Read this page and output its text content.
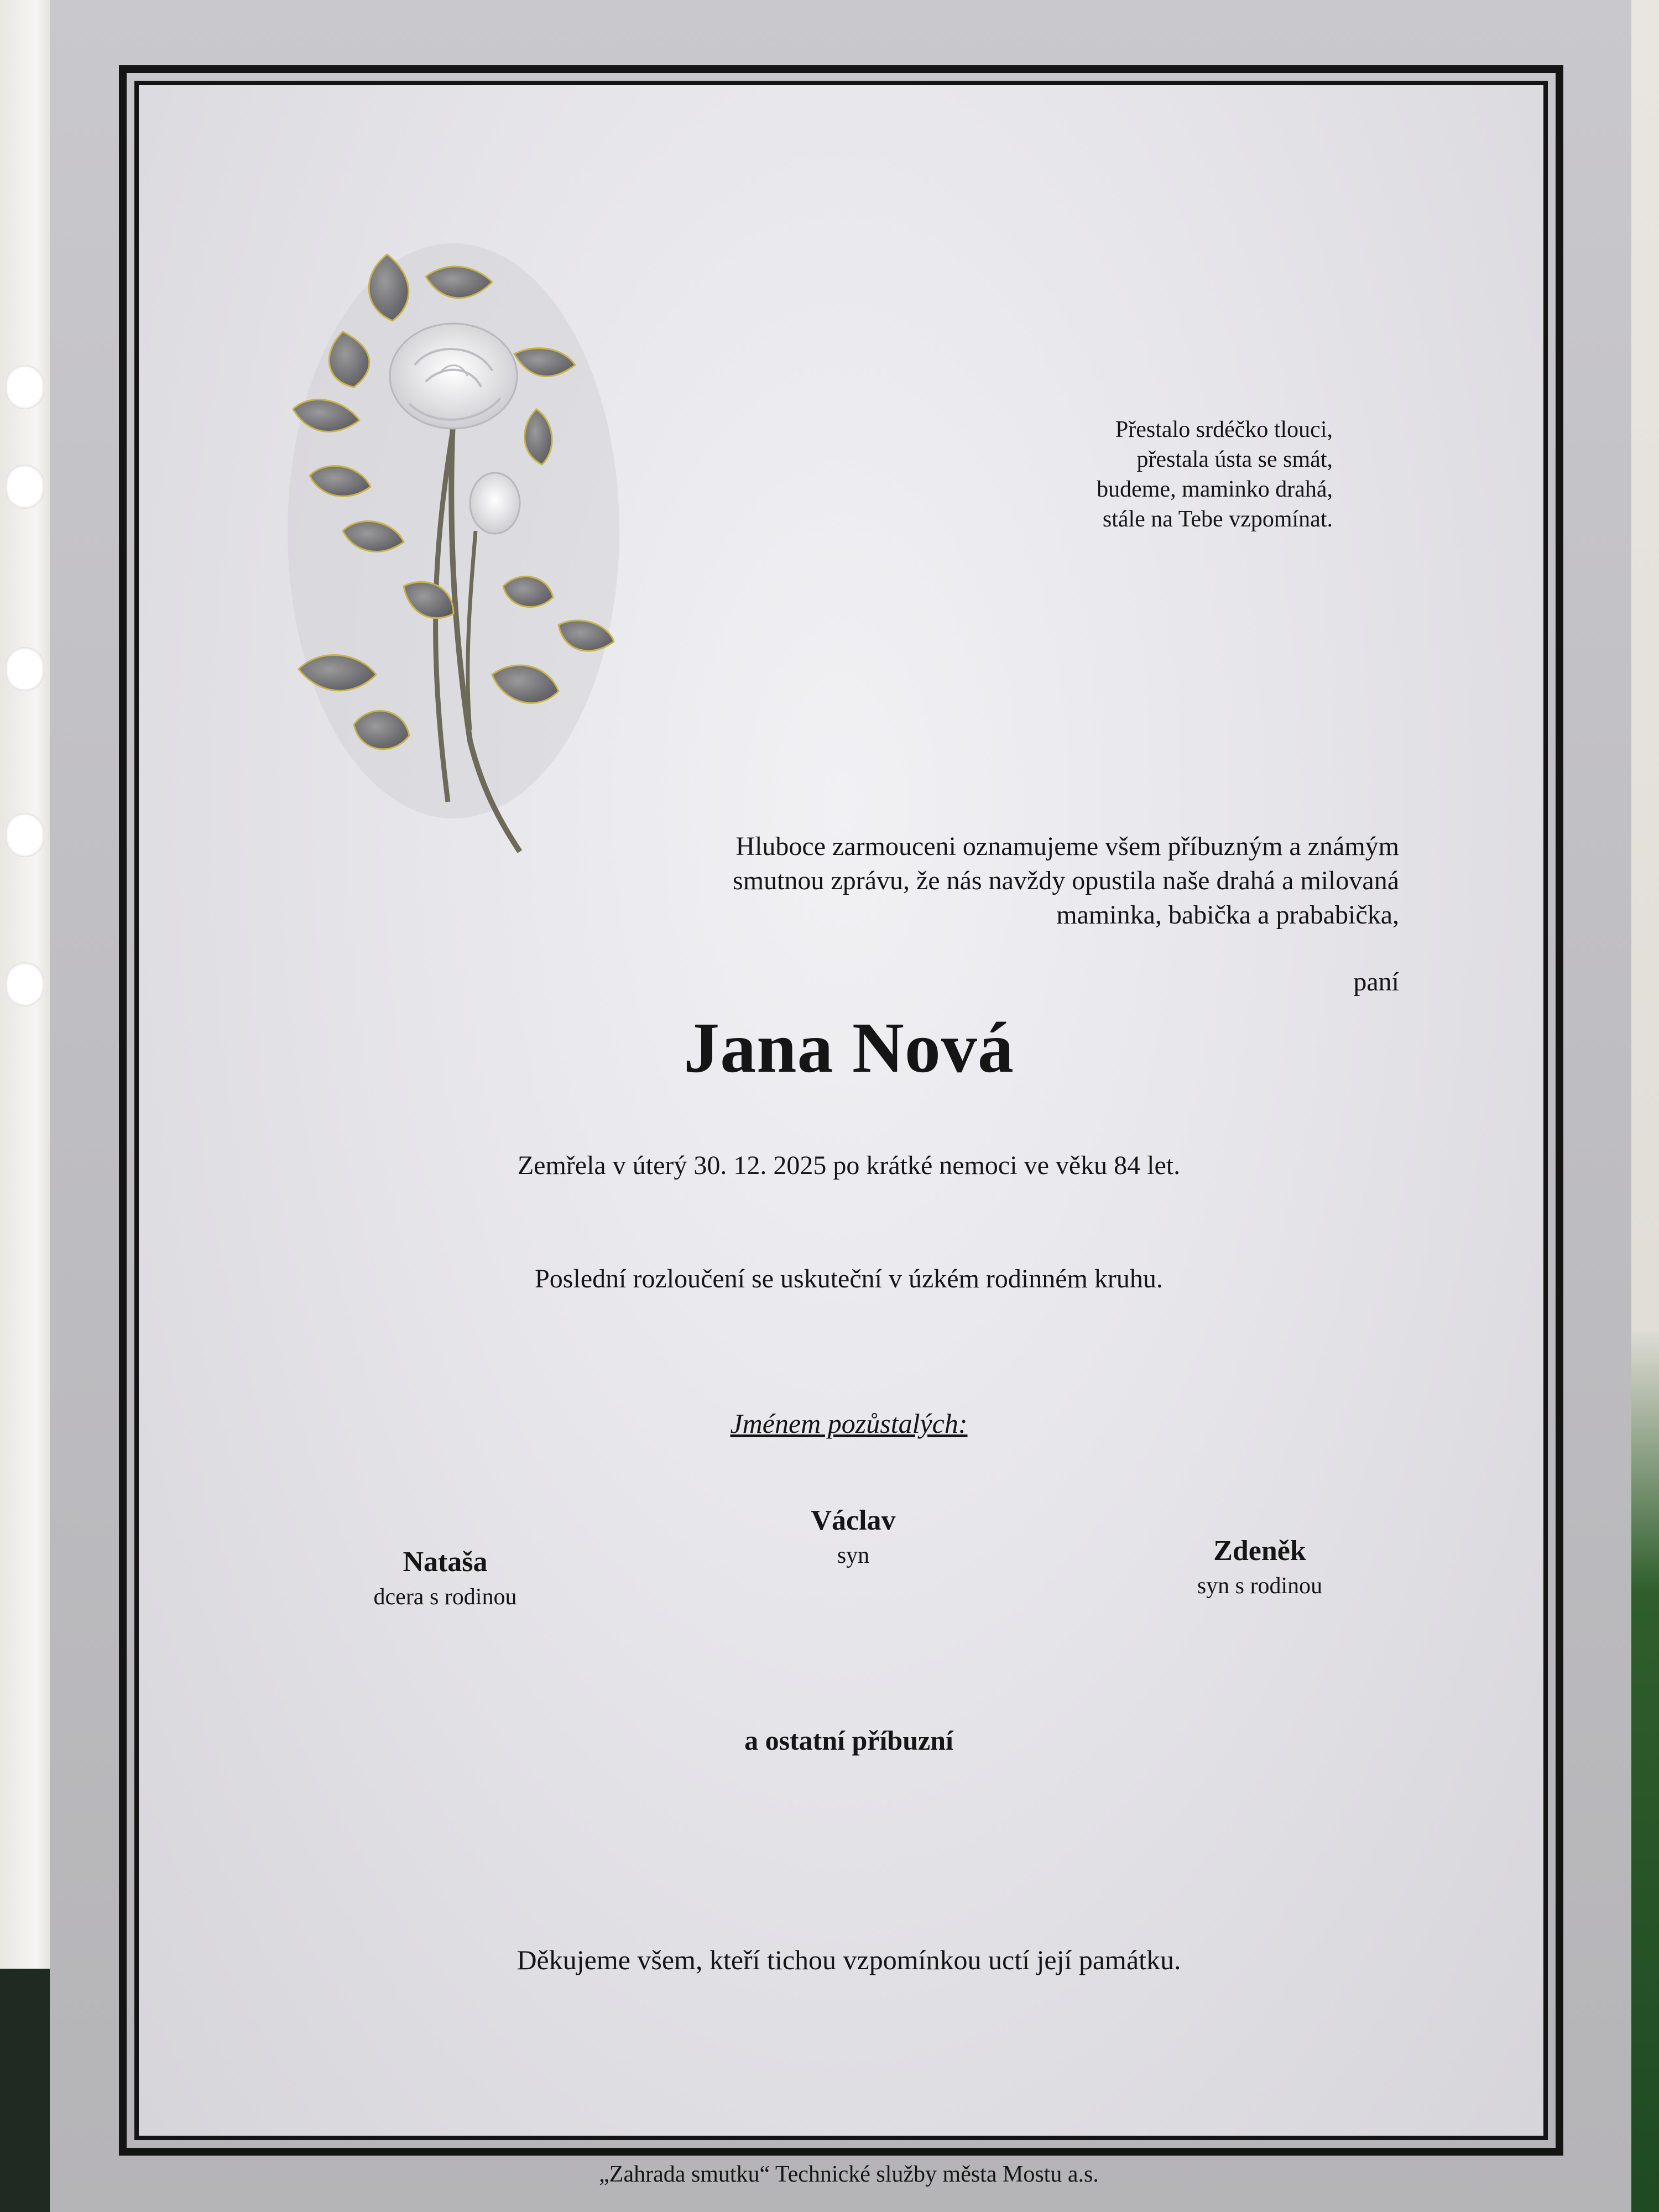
Přestalo srdéčko tlouci,
přestala ústa se smát,
budeme, maminko drahá,
stále na Tebe vzpomínat.
Hluboce zarmouceni oznamujeme všem příbuzným a známým
smutnou zprávu, že nás navždy opustila naše drahá a milovaná
maminka, babička a prababička,
paní
Jana Nová
Zemřela v úterý 30. 12. 2025 po krátké nemoci ve věku 84 let.
Poslední rozloučení se uskuteční v úzkém rodinném kruhu.
Jménem pozůstalých:
Nataša
dcera s rodinou
Václav
syn	Zdeněk
syn s rodinou
a ostatní příbuzní
Děkujeme všem, kteří tichou vzpomínkou uctí její památku.
„Zahrada smutku“ Technické služby města Mostu a.s.
